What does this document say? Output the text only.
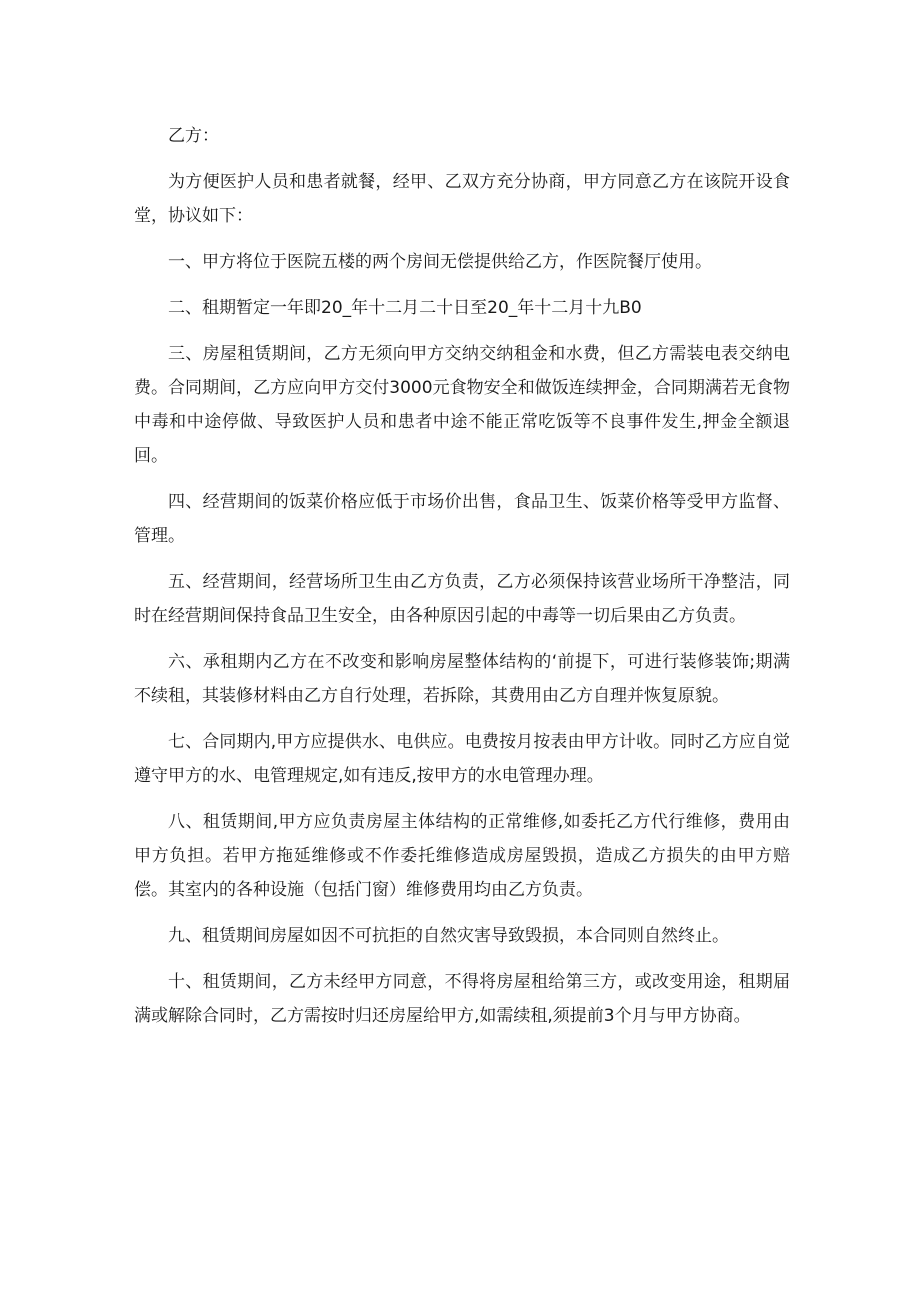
乙方：

为方便医护人员和患者就餐，经甲、乙双方充分协商，甲方同意乙方在该院开设食堂，协议如下：

一、甲方将位于医院五楼的两个房间无偿提供给乙方，作医院餐厅使用。

二、租期暂定一年即20_年十二月二十日至20_年十二月十九B0

三、房屋租赁期间，乙方无须向甲方交纳交纳租金和水费，但乙方需装电表交纳电费。合同期间，乙方应向甲方交付3000元食物安全和做饭连续押金，合同期满若无食物中毒和中途停做、导致医护人员和患者中途不能正常吃饭等不良事件发生,押金全额退回。

四、经营期间的饭菜价格应低于市场价出售，食品卫生、饭菜价格等受甲方监督、管理。

五、经营期间，经营场所卫生由乙方负责，乙方必须保持该营业场所干净整洁，同时在经营期间保持食品卫生安全，由各种原因引起的中毒等一切后果由乙方负责。

六、承租期内乙方在不改变和影响房屋整体结构的‘前提下，可进行装修装饰;期满不续租，其装修材料由乙方自行处理，若拆除，其费用由乙方自理并恢复原貌。

七、合同期内,甲方应提供水、电供应。电费按月按表由甲方计收。同时乙方应自觉遵守甲方的水、电管理规定,如有违反,按甲方的水电管理办理。

八、租赁期间,甲方应负责房屋主体结构的正常维修,如委托乙方代行维修，费用由甲方负担。若甲方拖延维修或不作委托维修造成房屋毁损，造成乙方损失的由甲方赔偿。其室内的各种设施（包括门窗）维修费用均由乙方负责。

九、租赁期间房屋如因不可抗拒的自然灾害导致毁损，本合同则自然终止。

十、租赁期间，乙方未经甲方同意，不得将房屋租给第三方，或改变用途，租期届满或解除合同时，乙方需按时归还房屋给甲方,如需续租,须提前3个月与甲方协商。
